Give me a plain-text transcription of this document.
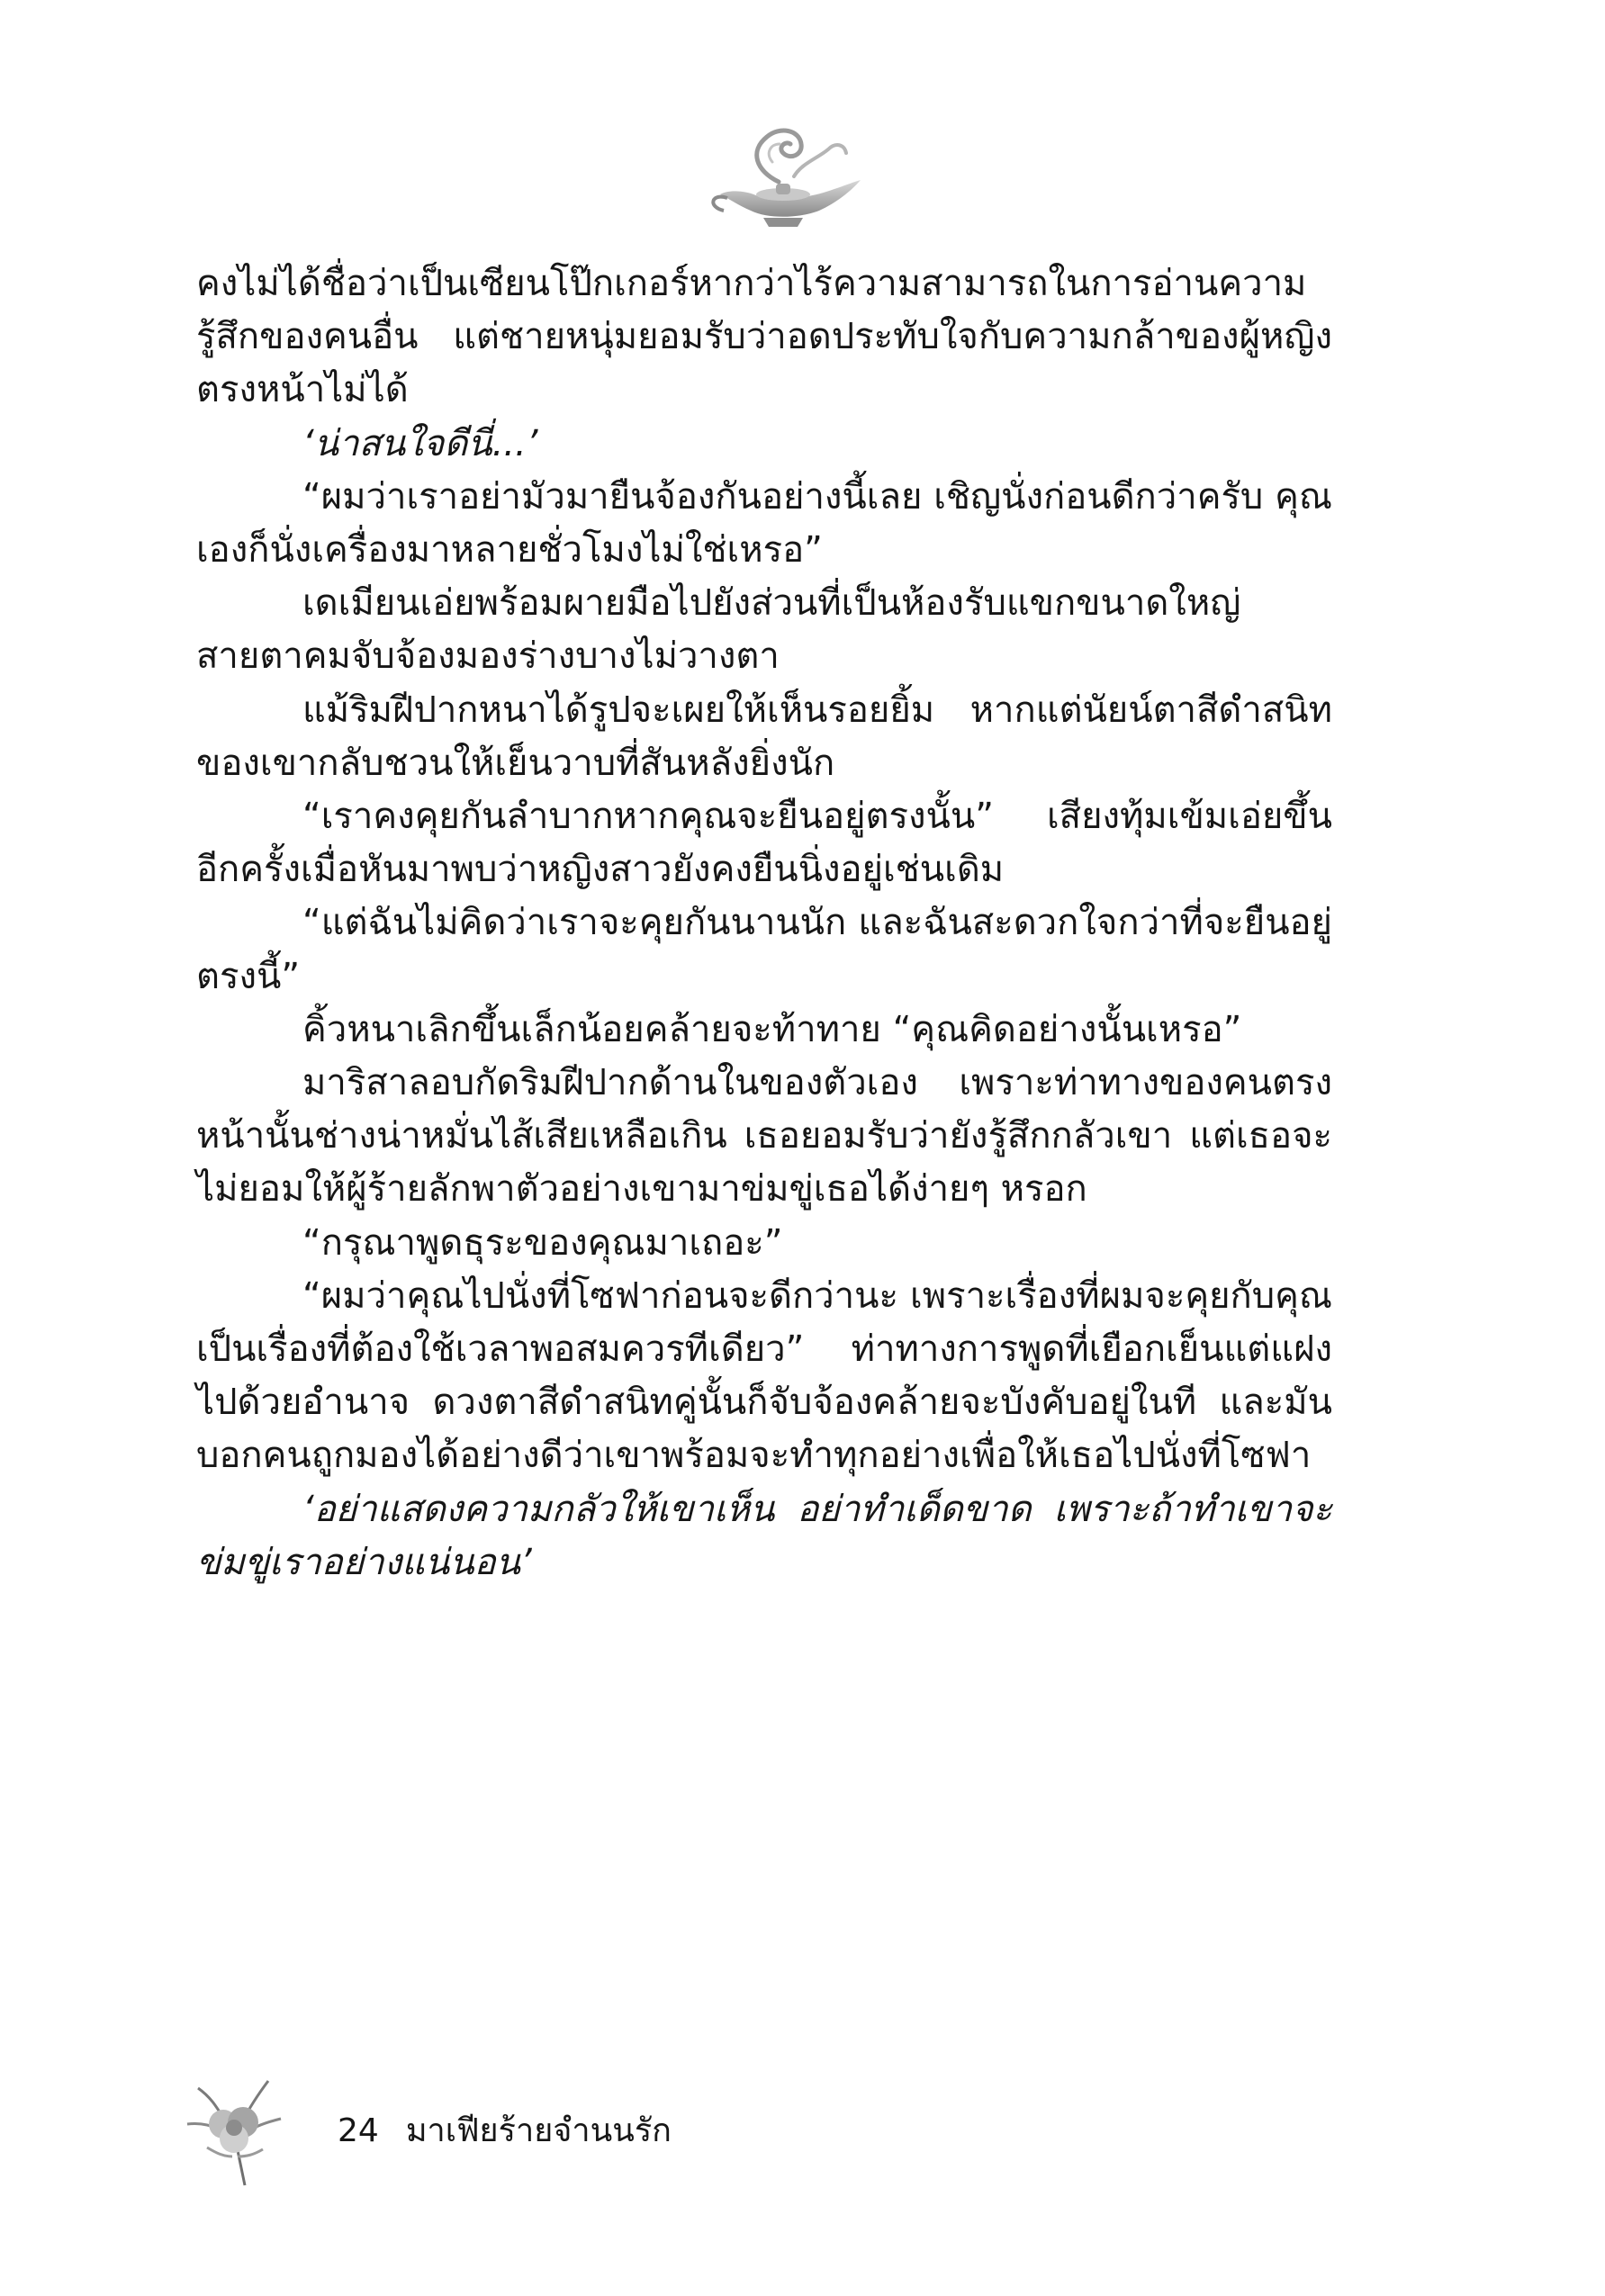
คงไม่ได้ชื่อว่าเป็นเซียนโป๊กเกอร์หากว่าไร้ความสามารถในการอ่านความรู้สึกของคนอื่น แต่ชายหนุ่มยอมรับว่าอดประทับใจกับความกล้าของผู้หญิงตรงหน้าไม่ได้

‘น่าสนใจดีนี่...’

“ผมว่าเราอย่ามัวมายืนจ้องกันอย่างนี้เลย เชิญนั่งก่อนดีกว่าครับ คุณเองก็นั่งเครื่องมาหลายชั่วโมงไม่ใช่เหรอ”

เดเมียนเอ่ยพร้อมผายมือไปยังส่วนที่เป็นห้องรับแขกขนาดใหญ่ สายตาคมจับจ้องมองร่างบางไม่วางตา

แม้ริมฝีปากหนาได้รูปจะเผยให้เห็นรอยยิ้ม หากแต่นัยน์ตาสีดำสนิทของเขากลับชวนให้เย็นวาบที่สันหลังยิ่งนัก

“เราคงคุยกันลำบากหากคุณจะยืนอยู่ตรงนั้น” เสียงทุ้มเข้มเอ่ยขึ้นอีกครั้งเมื่อหันมาพบว่าหญิงสาวยังคงยืนนิ่งอยู่เช่นเดิม

“แต่ฉันไม่คิดว่าเราจะคุยกันนานนัก และฉันสะดวกใจกว่าที่จะยืนอยู่ตรงนี้”

คิ้วหนาเลิกขึ้นเล็กน้อยคล้ายจะท้าทาย “คุณคิดอย่างนั้นเหรอ”

มาริสาลอบกัดริมฝีปากด้านในของตัวเอง เพราะท่าทางของคนตรงหน้านั้นช่างน่าหมั่นไส้เสียเหลือเกิน เธอยอมรับว่ายังรู้สึกกลัวเขา แต่เธอจะไม่ยอมให้ผู้ร้ายลักพาตัวอย่างเขามาข่มขู่เธอได้ง่ายๆ หรอก

“กรุณาพูดธุระของคุณมาเถอะ”

“ผมว่าคุณไปนั่งที่โซฟาก่อนจะดีกว่านะ เพราะเรื่องที่ผมจะคุยกับคุณเป็นเรื่องที่ต้องใช้เวลาพอสมควรทีเดียว” ท่าทางการพูดที่เยือกเย็นแต่แฝงไปด้วยอำนาจ ดวงตาสีดำสนิทคู่นั้นก็จับจ้องคล้ายจะบังคับอยู่ในที และมันบอกคนถูกมองได้อย่างดีว่าเขาพร้อมจะทำทุกอย่างเพื่อให้เธอไปนั่งที่โซฟา

‘อย่าแสดงความกลัวให้เขาเห็น อย่าทำเด็ดขาด เพราะถ้าทำเขาจะข่มขู่เราอย่างแน่นอน’

24 มาเฟียร้ายจำนนรัก
